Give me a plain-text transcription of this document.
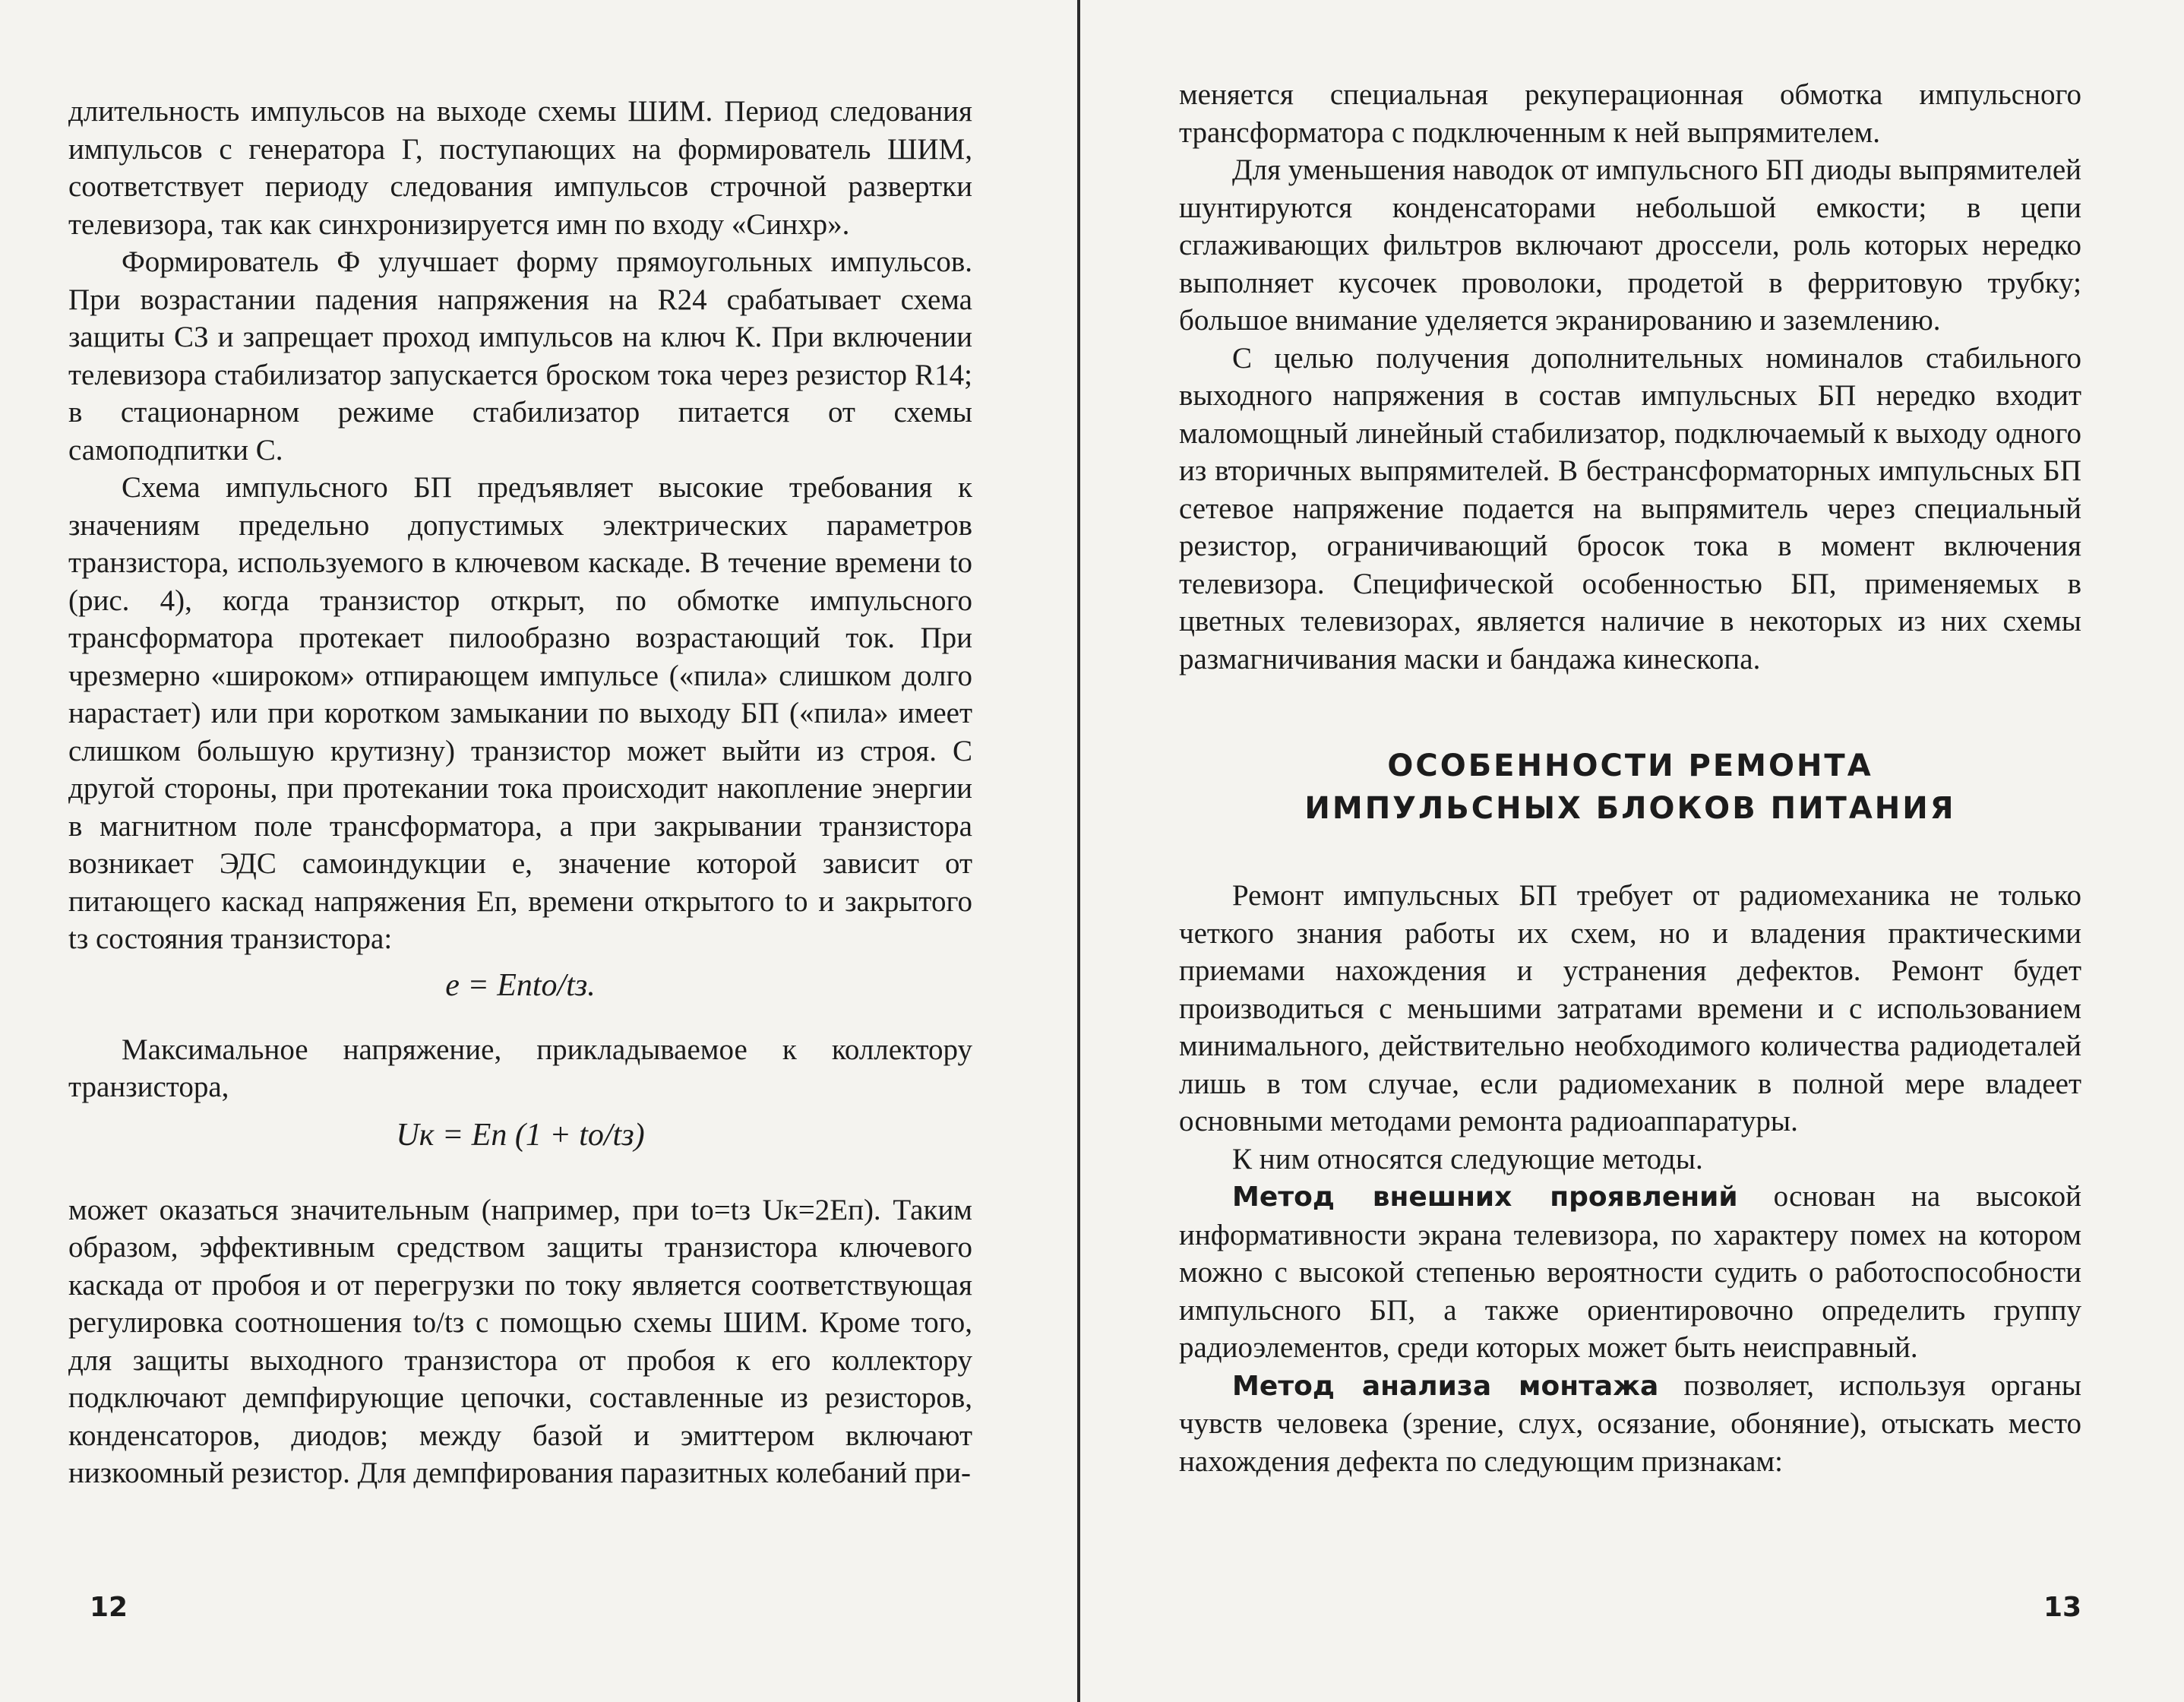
длительность импульсов на выходе схемы ШИМ. Период следования импульсов с генератора Г, поступающих на формирователь ШИМ, соответствует периоду следования импульсов строчной развертки телевизора, так как синхронизируется имн по входу «Синхр».

Формирователь Ф улучшает форму прямоугольных импульсов. При возрастании падения напряжения на R24 срабатывает схема защиты СЗ и запрещает проход импульсов на ключ К. При включении телевизора стабилизатор запускается броском тока через резистор R14; в стационарном режиме стабилизатор питается от схемы самоподпитки С.

Схема импульсного БП предъявляет высокие требования к значениям предельно допустимых электрических параметров транзистора, используемого в ключевом каскаде. В течение времени tо (рис. 4), когда транзистор открыт, по обмотке импульсного трансформатора протекает пилообразно возрастающий ток. При чрезмерно «широком» отпирающем импульсе («пила» слишком долго нарастает) или при коротком замыкании по выходу БП («пила» имеет слишком большую крутизну) транзистор может выйти из строя. С другой стороны, при протекании тока происходит накопление энергии в магнитном поле трансформатора, а при закрывании транзистора возникает ЭДС самоиндукции е, значение которой зависит от питающего каскад напряжения Eп, времени открытого tо и закрытого tз состояния транзистора:

e = Eпtо/tз.

Максимальное напряжение, прикладываемое к коллектору транзистора,

Uк = Eп (1 + tо/tз)

может оказаться значительным (например, при tо=tз Uк=2Eп). Таким образом, эффективным средством защиты транзистора ключевого каскада от пробоя и от перегрузки по току является соответствующая регулировка соотношения tо/tз с помощью схемы ШИМ. Кроме того, для защиты выходного транзистора от пробоя к его коллектору подключают демпфирующие цепочки, составленные из резисторов, конденсаторов, диодов; между базой и эмиттером включают низкоомный резистор. Для демпфирования паразитных колебаний при-

меняется специальная рекуперационная обмотка импульсного трансформатора с подключенным к ней выпрямителем.

Для уменьшения наводок от импульсного БП диоды выпрямителей шунтируются конденсаторами небольшой емкости; в цепи сглаживающих фильтров включают дроссели, роль которых нередко выполняет кусочек проволоки, продетой в ферритовую трубку; большое внимание уделяется экранированию и заземлению.

С целью получения дополнительных номиналов стабильного выходного напряжения в состав импульсных БП нередко входит маломощный линейный стабилизатор, подключаемый к выходу одного из вторичных выпрямителей. В бестрансформаторных импульсных БП сетевое напряжение подается на выпрямитель через специальный резистор, ограничивающий бросок тока в момент включения телевизора. Специфической особенностью БП, применяемых в цветных телевизорах, является наличие в некоторых из них схемы размагничивания маски и бандажа кинескопа.

ОСОБЕННОСТИ РЕМОНТА
ИМПУЛЬСНЫХ БЛОКОВ ПИТАНИЯ

Ремонт импульсных БП требует от радиомеханика не только четкого знания работы их схем, но и владения практическими приемами нахождения и устранения дефектов. Ремонт будет производиться с меньшими затратами времени и с использованием минимального, действительно необходимого количества радиодеталей лишь в том случае, если радиомеханик в полной мере владеет основными методами ремонта радиоаппаратуры.

К ним относятся следующие методы.

Метод внешних проявлений основан на высокой информативности экрана телевизора, по характеру помех на котором можно с высокой степенью вероятности судить о работоспособности импульсного БП, а также ориентировочно определить группу радиоэлементов, среди которых может быть неисправный.

Метод анализа монтажа позволяет, используя органы чувств человека (зрение, слух, осязание, обоняние), отыскать место нахождения дефекта по следующим признакам:

12	13
